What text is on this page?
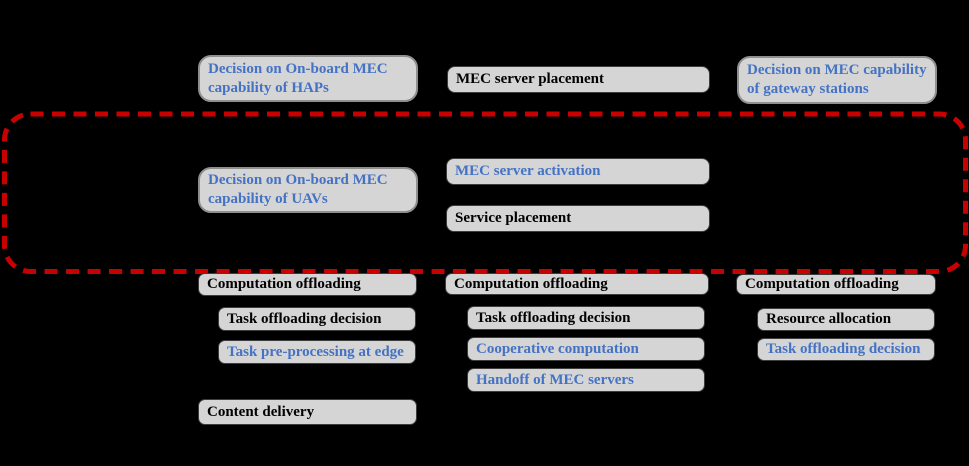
Decision on On-board MEC capability of HAPs
MEC server placement
Decision on MEC capability of gateway stations
Decision on On-board MEC capability of UAVs
MEC server activation
Service placement
Computation offloading
Task offloading decision
Task pre-processing at edge
Content delivery
Computation offloading
Task offloading decision
Cooperative computation
Handoff of MEC servers
Computation offloading
Resource allocation
Task offloading decision
